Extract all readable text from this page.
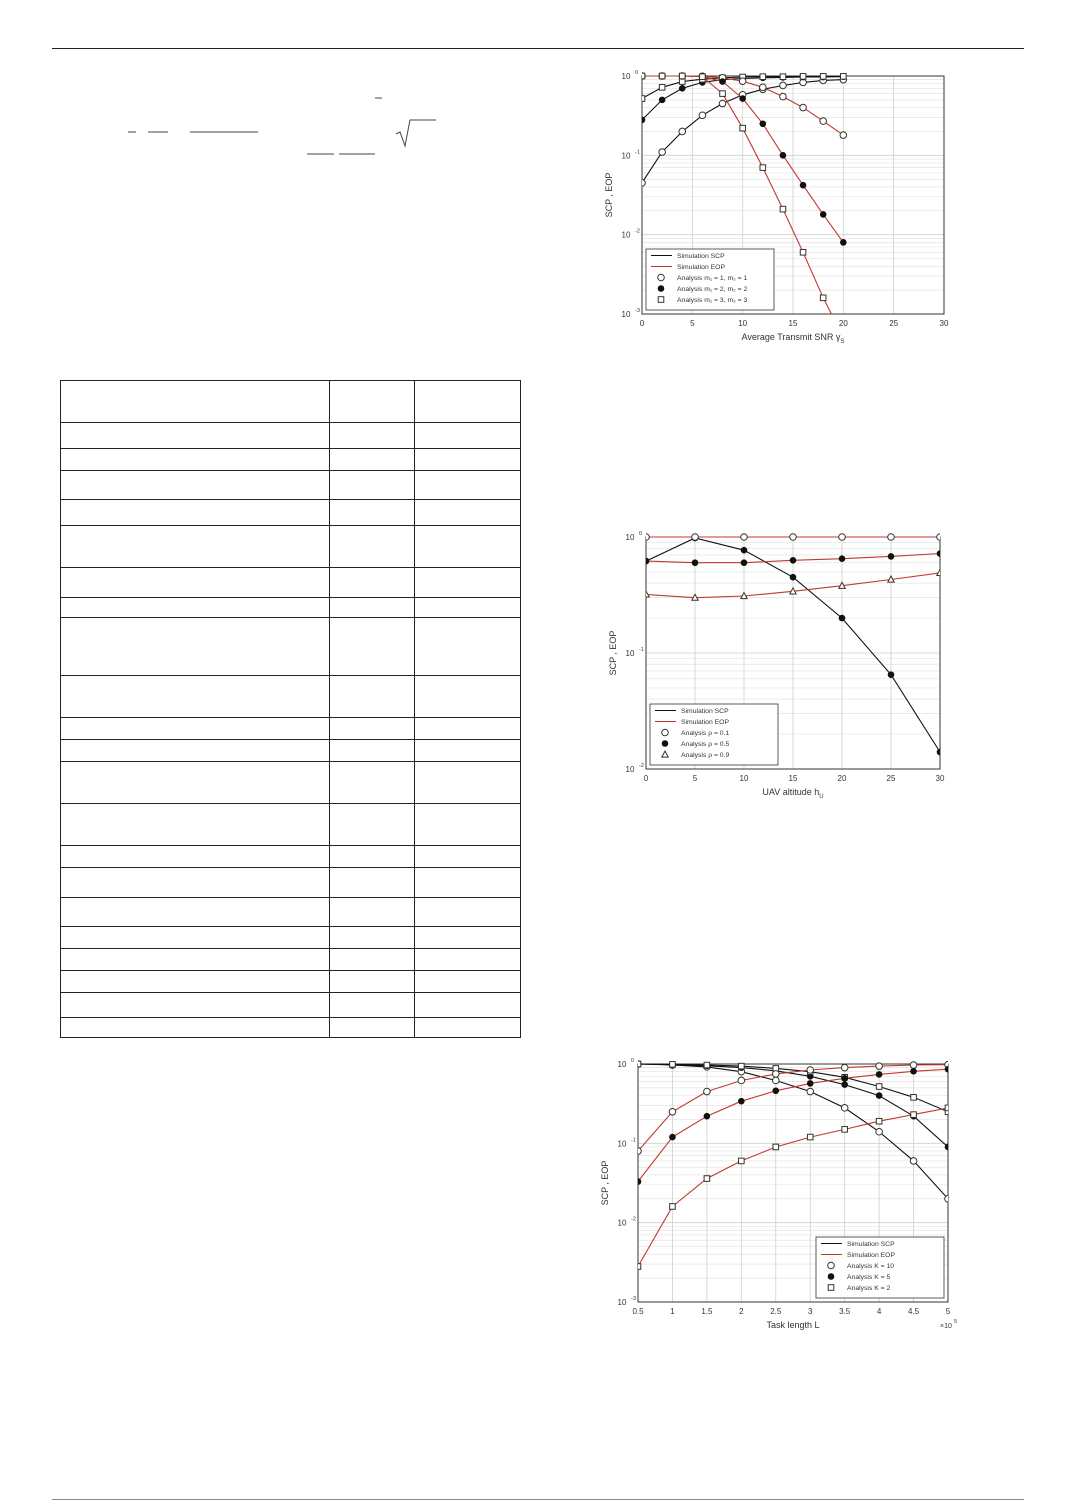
10 -3
10 -2
10 -1
10 0
0	5	10	15	20	25	30
Average Transmit SNR $\gamma_S$
SCP , EOP
Simulation SCP
Simulation EOP
Analysis m₁ = 1, m₂ = 1
Analysis m₁ = 2, m₂ = 2
Analysis m₁ = 3, m₂ = 3
10 -2
10 -1
10 0
0	5	10	15	20	25	30
UAV altitude $h_U$
SCP , EOP
Simulation SCP
Simulation EOP
Analysis ρ = 0.1
Analysis ρ = 0.5
Analysis ρ = 0.9
10 -3
10 -2
10 -1
10 0
0.5	1	1.5	2	2.5	3	3.5	4	4.5	5
Task length L
SCP , EOP
×10
5
Simulation SCP
Simulation EOP
Analysis K = 10
Analysis K = 5
Analysis K = 2
